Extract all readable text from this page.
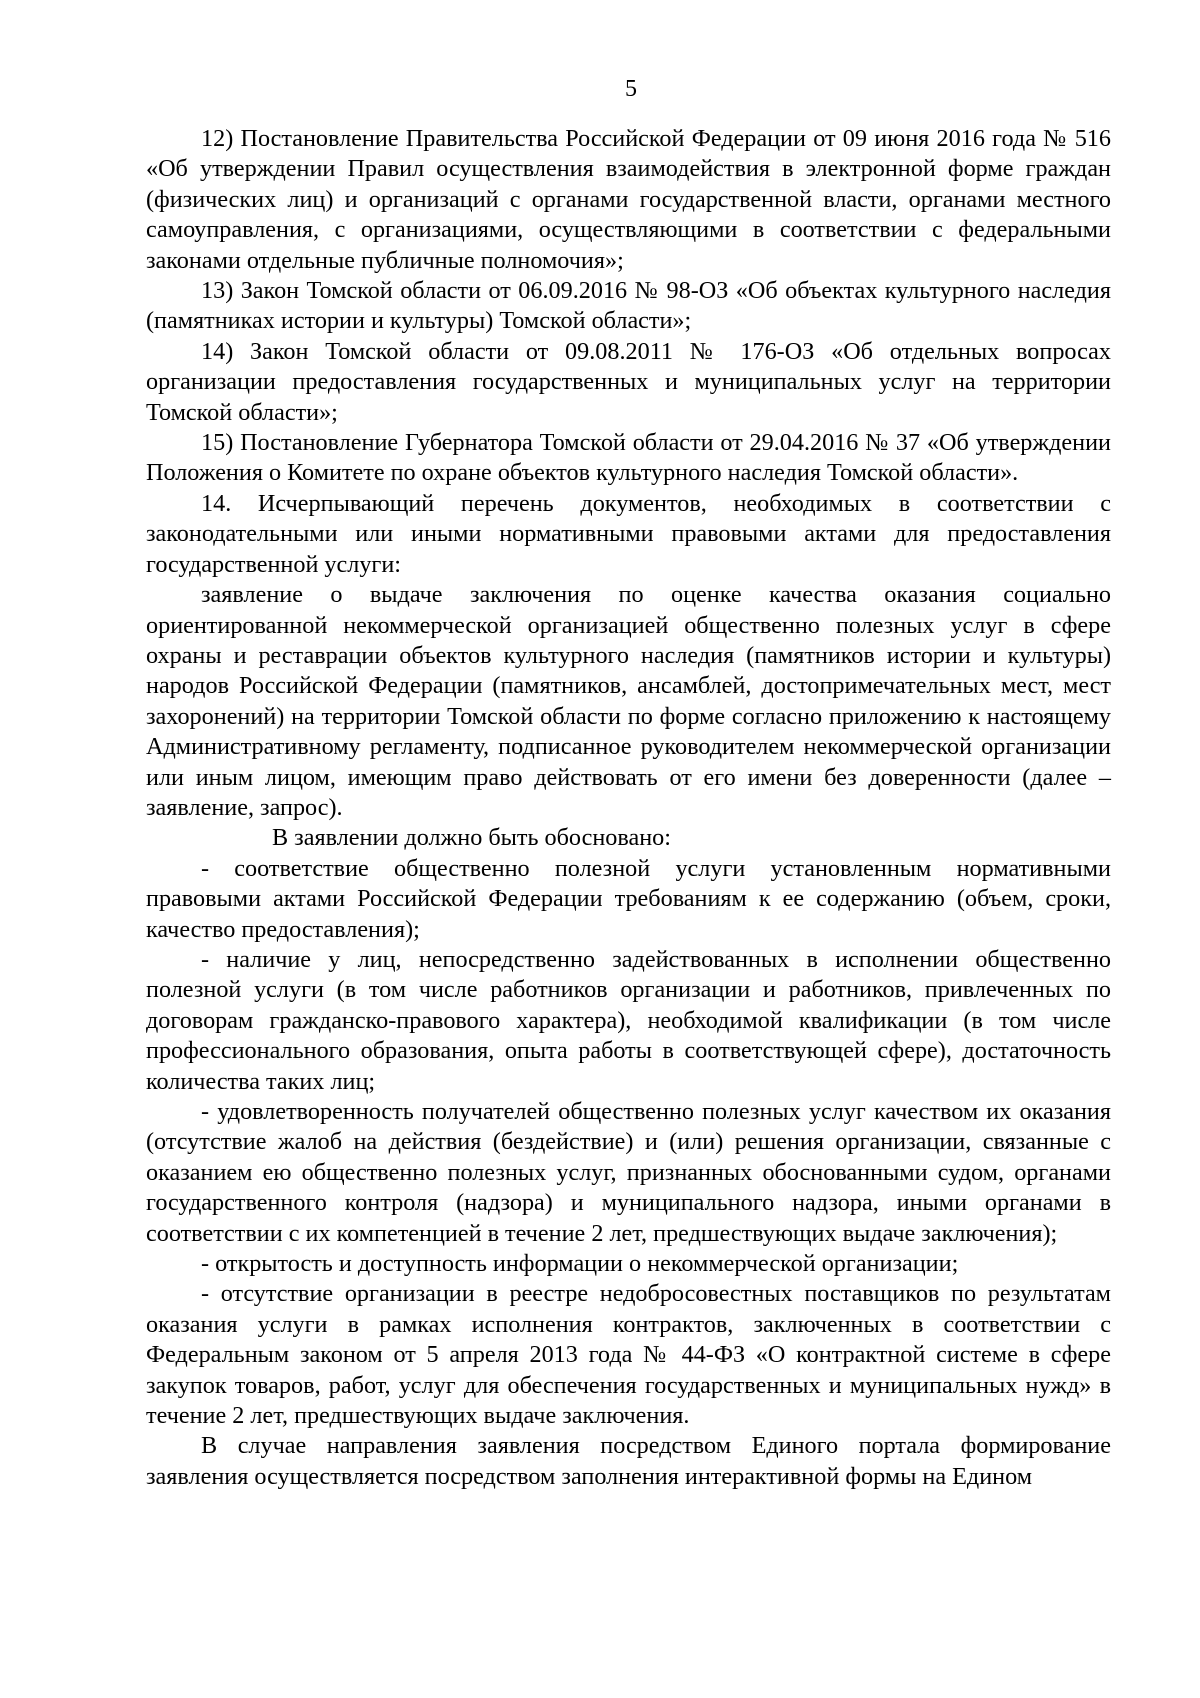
5

12) Постановление Правительства Российской Федерации от 09 июня 2016 года № 516 «Об утверждении Правил осуществления взаимодействия в электронной форме граждан (физических лиц) и организаций с органами государственной власти, органами местного самоуправления, с организациями, осуществляющими в соответствии с федеральными законами отдельные публичные полномочия»;

13) Закон Томской области от 06.09.2016 № 98-ОЗ «Об объектах культурного наследия (памятниках истории и культуры) Томской области»;

14) Закон Томской области от 09.08.2011 № 176-ОЗ «Об отдельных вопросах организации предоставления государственных и муниципальных услуг на территории Томской области»;

15) Постановление Губернатора Томской области от 29.04.2016 № 37 «Об утверждении Положения о Комитете по охране объектов культурного наследия Томской области».

14. Исчерпывающий перечень документов, необходимых в соответствии с законодательными или иными нормативными правовыми актами для предоставления государственной услуги:

заявление о выдаче заключения по оценке качества оказания социально ориентированной некоммерческой организацией общественно полезных услуг в сфере охраны и реставрации объектов культурного наследия (памятников истории и культуры) народов Российской Федерации (памятников, ансамблей, достопримечательных мест, мест захоронений) на территории Томской области по форме согласно приложению к настоящему Административному регламенту, подписанное руководителем некоммерческой организации или иным лицом, имеющим право действовать от его имени без доверенности (далее – заявление, запрос).

В заявлении должно быть обосновано:

- соответствие общественно полезной услуги установленным нормативными правовыми актами Российской Федерации требованиям к ее содержанию (объем, сроки, качество предоставления);

- наличие у лиц, непосредственно задействованных в исполнении общественно полезной услуги (в том числе работников организации и работников, привлеченных по договорам гражданско-правового характера), необходимой квалификации (в том числе профессионального образования, опыта работы в соответствующей сфере), достаточность количества таких лиц;

- удовлетворенность получателей общественно полезных услуг качеством их оказания (отсутствие жалоб на действия (бездействие) и (или) решения организации, связанные с оказанием ею общественно полезных услуг, признанных обоснованными судом, органами государственного контроля (надзора) и муниципального надзора, иными органами в соответствии с их компетенцией в течение 2 лет, предшествующих выдаче заключения);

- открытость и доступность информации о некоммерческой организации;

- отсутствие организации в реестре недобросовестных поставщиков по результатам оказания услуги в рамках исполнения контрактов, заключенных в соответствии с Федеральным законом от 5 апреля 2013 года № 44-ФЗ «О контрактной системе в сфере закупок товаров, работ, услуг для обеспечения государственных и муниципальных нужд» в течение 2 лет, предшествующих выдаче заключения.

В случае направления заявления посредством Единого портала формирование заявления осуществляется посредством заполнения интерактивной формы на Едином
